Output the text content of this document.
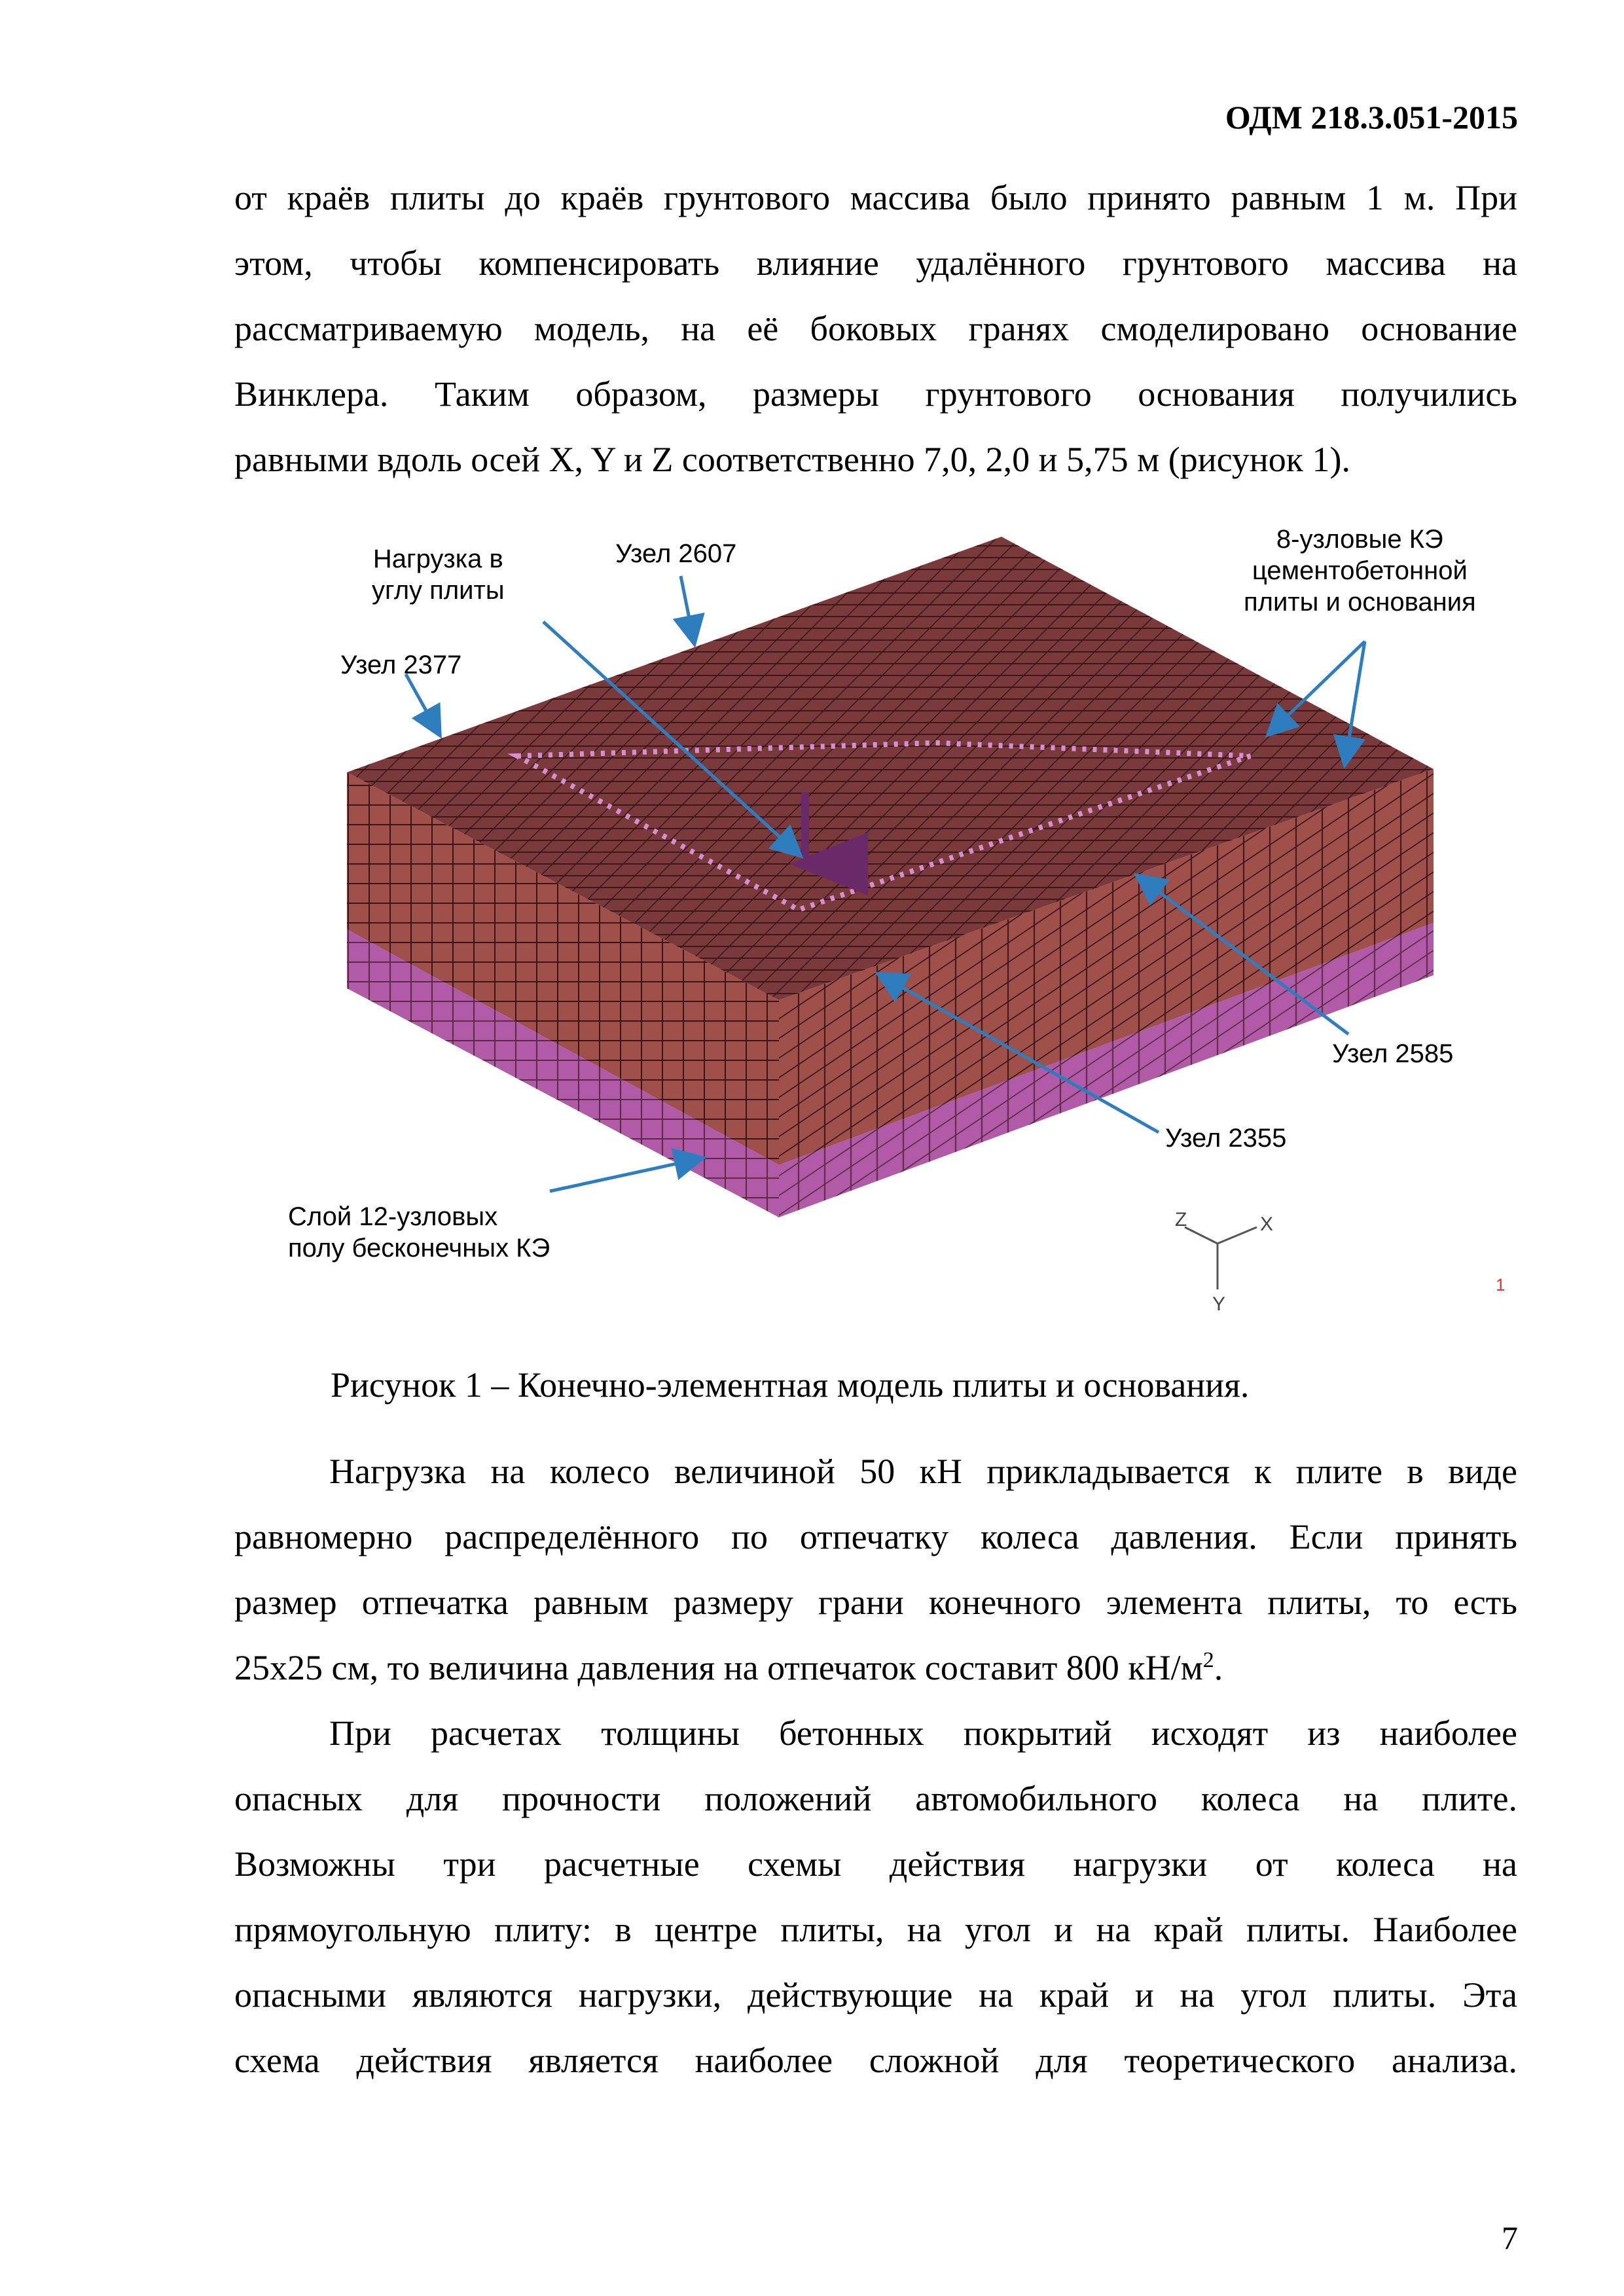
ОДМ 218.3.051-2015
от краёв плиты до краёв грунтового массива было принято равным 1 м. При
этом, чтобы компенсировать влияние удалённого грунтового массива на
рассматриваемую модель, на её боковых гранях смоделировано основание
Винклера. Таким образом, размеры грунтового основания получились
равными вдоль осей X, Y и Z соответственно 7,0, 2,0 и 5,75 м (рисунок 1).
Z	X
Y
1
Нагрузка в
углу плиты
Узел 2607
Узел 2377
8-узловые КЭ
цементобетонной
плиты и основания
Узел 2585
Узел 2355
Слой 12-узловых
полу бесконечных КЭ
Рисунок 1 – Конечно-элементная модель плиты и основания.
Нагрузка на колесо величиной 50 кН прикладывается к плите в виде
равномерно распределённого по отпечатку колеса давления. Если принять
размер отпечатка равным размеру грани конечного элемента плиты, то есть
25х25 см, то величина давления на отпечаток составит 800 $кН/м^2$.
При расчетах толщины бетонных покрытий исходят из наиболее
опасных для прочности положений автомобильного колеса на плите.
Возможны три расчетные схемы действия нагрузки от колеса на
прямоугольную плиту: в центре плиты, на угол и на край плиты. Наиболее
опасными являются нагрузки, действующие на край и на угол плиты. Эта
схема действия является наиболее сложной для теоретического анализа.
7
